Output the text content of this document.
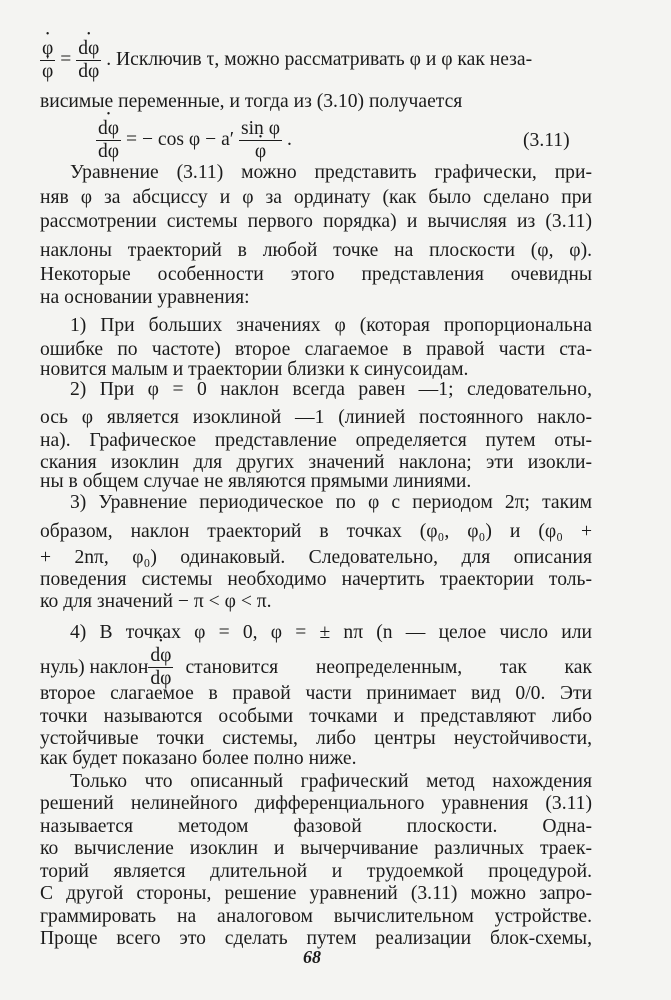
$\frac{\varphi •}{\varphi}$ • = $\frac{d\varphi •}{d\varphi}$ . Исключив τ, можно рассматривать φ и φ как неза-
висимые переменные, и тогда из (3.10) получается
$\frac{d\varphi •}{d\varphi}$ = − $\cos \varphi - a' \frac{\text{sin φ}}{\varphi}$ • .	(3.11)
Уравнение (3.11) можно представить графически, при-
няв φ за абсциссу и φ за ординату (как было сделано при
рассмотрении системы первого порядка) и вычисляя из (3.11)
наклоны траекторий в любой точке на плоскости (φ, φ).
Некоторые особенности этого представления очевидны
на основании уравнения:
1) При больших значениях φ (которая пропорциональна
ошибке по частоте) второе слагаемое в правой части ста-
новится малым и траектории близки к синусоидам.
2) При φ = 0 наклон всегда равен —1; следовательно,
ось φ является изоклиной —1 (линией постоянного накло-
на). Графическое представление определяется путем оты-
скания изоклин для других значений наклона; эти изокли-
ны в общем случае не являются прямыми линиями.
3) Уравнение периодическое по φ с периодом 2π; таким
образом, наклон траекторий в точках (φ₀, φ₀) и (φ₀ +
+ 2nπ, φ₀) одинаковый. Следовательно, для описания
поведения системы необходимо начертить траектории толь-
ко для значений − π < φ < π.
4) В точках φ = 0, φ = ± nπ (n — целое число или
нуль) наклон $\frac{d\varphi •}{d\varphi}$ становится неопределенным, так как
второе слагаемое в правой части принимает вид 0/0. Эти
точки называются особыми точками и представляют либо
устойчивые точки системы, либо центры неустойчивости,
как будет показано более полно ниже.
Только что описанный графический метод нахождения
решений нелинейного дифференциального уравнения (3.11)
называется методом фазовой плоскости. Одна-
ко вычисление изоклин и вычерчивание различных траек-
торий является длительной и трудоемкой процедурой.
С другой стороны, решение уравнений (3.11) можно запро-
граммировать на аналоговом вычислительном устройстве.
Проще всего это сделать путем реализации блок-схемы,
68
